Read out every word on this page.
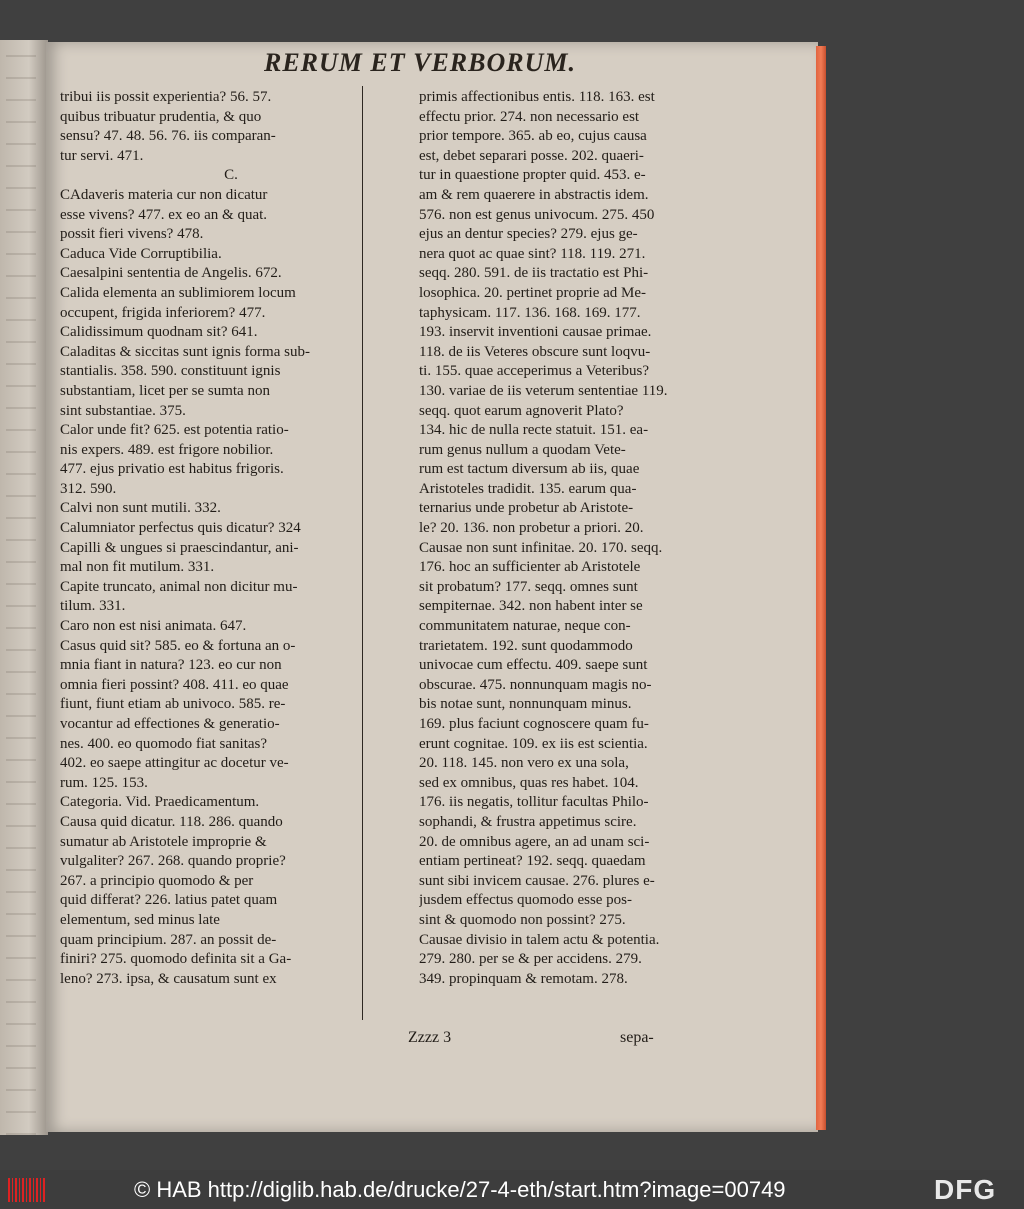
RERUM ET VERBORUM.
tribui iis possit experientia? 56. 57.
quibus tribuatur prudentia, & quo
sensu? 47. 48. 56. 76. iis comparan-
tur servi. 471.
C.
CAdaveris materia cur non dicatur
esse vivens? 477. ex eo an & quat.
possit fieri vivens? 478.
Caduca Vide Corruptibilia.
Caesalpini sententia de Angelis. 672.
Calida elementa an sublimiorem locum
occupent, frigida inferiorem? 477.
Calidissimum quodnam sit? 641.
Caladitas & siccitas sunt ignis forma sub-
stantialis. 358. 590. constituunt ignis
substantiam, licet per se sumta non
sint substantiae. 375.
Calor unde fit? 625. est potentia ratio-
nis expers. 489. est frigore nobilior.
477. ejus privatio est habitus frigoris.
312. 590.
Calvi non sunt mutili. 332.
Calumniator perfectus quis dicatur? 324
Capilli & ungues si praescindantur, ani-
mal non fit mutilum. 331.
Capite truncato, animal non dicitur mu-
tilum. 331.
Caro non est nisi animata. 647.
Casus quid sit? 585. eo & fortuna an o-
mnia fiant in natura? 123. eo cur non
omnia fieri possint? 408. 411. eo quae
fiunt, fiunt etiam ab univoco. 585. re-
vocantur ad effectiones & generatio-
nes. 400. eo quomodo fiat sanitas?
402. eo saepe attingitur ac docetur ve-
rum. 125. 153.
Categoria. Vid. Praedicamentum.
Causa quid dicatur. 118. 286. quando
sumatur ab Aristotele improprie &
vulgaliter? 267. 268. quando proprie?
267. a principio quomodo & per
quid differat? 226. latius patet quam
elementum, sed minus late
quam principium. 287. an possit de-
finiri? 275. quomodo definita sit a Ga-
leno? 273. ipsa, & causatum sunt ex
primis affectionibus entis. 118. 163. est
effectu prior. 274. non necessario est
prior tempore. 365. ab eo, cujus causa
est, debet separari posse. 202. quaeri-
tur in quaestione propter quid. 453. e-
am & rem quaerere in abstractis idem.
576. non est genus univocum. 275. 450
ejus an dentur species? 279. ejus ge-
nera quot ac quae sint? 118. 119. 271.
seqq. 280. 591. de iis tractatio est Phi-
losophica. 20. pertinet proprie ad Me-
taphysicam. 117. 136. 168. 169. 177.
193. inservit inventioni causae primae.
118. de iis Veteres obscure sunt loqvu-
ti. 155. quae acceperimus a Veteribus?
130. variae de iis veterum sententiae 119.
seqq. quot earum agnoverit Plato?
134. hic de nulla recte statuit. 151. ea-
rum genus nullum a quodam Vete-
rum est tactum diversum ab iis, quae
Aristoteles tradidit. 135. earum qua-
ternarius unde probetur ab Aristote-
le? 20. 136. non probetur a priori. 20.
Causae non sunt infinitae. 20. 170. seqq.
176. hoc an sufficienter ab Aristotele
sit probatum? 177. seqq. omnes sunt
sempiternae. 342. non habent inter se
communitatem naturae, neque con-
trarietatem. 192. sunt quodammodo
univocae cum effectu. 409. saepe sunt
obscurae. 475. nonnunquam magis no-
bis notae sunt, nonnunquam minus.
169. plus faciunt cognoscere quam fu-
erunt cognitae. 109. ex iis est scientia.
20. 118. 145. non vero ex una sola,
sed ex omnibus, quas res habet. 104.
176. iis negatis, tollitur facultas Philo-
sophandi, & frustra appetimus scire.
20. de omnibus agere, an ad unam sci-
entiam pertineat? 192. seqq. quaedam
sunt sibi invicem causae. 276. plures e-
jusdem effectus quomodo esse pos-
sint & quomodo non possint? 275.
Causae divisio in talem actu & potentia.
279. 280. per se & per accidens. 279.
349. propinquam & remotam. 278.
Zzzz 3	sepa-
© HAB http://diglib.hab.de/drucke/27-4-eth/start.htm?image=00749	DFG
